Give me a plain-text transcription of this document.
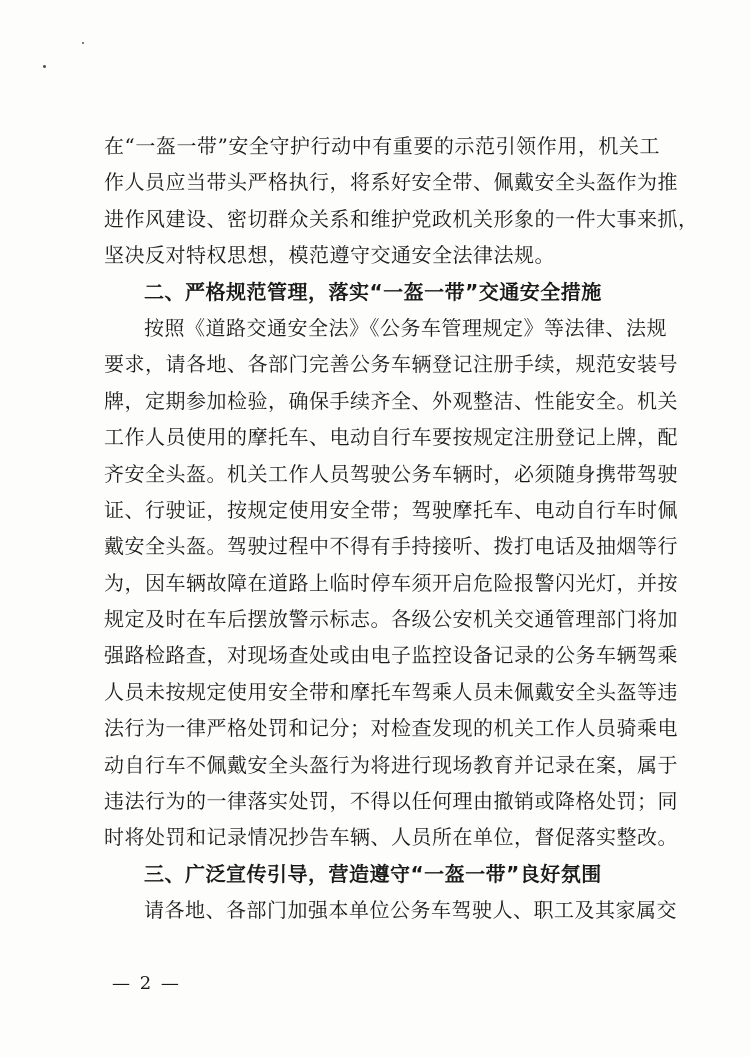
在“一盔一带”安全守护行动中有重要的示范引领作用，机关工
作人员应当带头严格执行，将系好安全带、佩戴安全头盔作为推
进作风建设、密切群众关系和维护党政机关形象的一件大事来抓，
坚决反对特权思想，模范遵守交通安全法律法规。
二、严格规范管理，落实“一盔一带”交通安全措施
按照《道路交通安全法》《公务车管理规定》等法律、法规
要求，请各地、各部门完善公务车辆登记注册手续，规范安装号
牌，定期参加检验，确保手续齐全、外观整洁、性能安全。机关
工作人员使用的摩托车、电动自行车要按规定注册登记上牌，配
齐安全头盔。机关工作人员驾驶公务车辆时，必须随身携带驾驶
证、行驶证，按规定使用安全带；驾驶摩托车、电动自行车时佩
戴安全头盔。驾驶过程中不得有手持接听、拨打电话及抽烟等行
为，因车辆故障在道路上临时停车须开启危险报警闪光灯，并按
规定及时在车后摆放警示标志。各级公安机关交通管理部门将加
强路检路查，对现场查处或由电子监控设备记录的公务车辆驾乘
人员未按规定使用安全带和摩托车驾乘人员未佩戴安全头盔等违
法行为一律严格处罚和记分；对检查发现的机关工作人员骑乘电
动自行车不佩戴安全头盔行为将进行现场教育并记录在案，属于
违法行为的一律落实处罚，不得以任何理由撤销或降格处罚；同
时将处罚和记录情况抄告车辆、人员所在单位，督促落实整改。
三、广泛宣传引导，营造遵守“一盔一带”良好氛围
请各地、各部门加强本单位公务车驾驶人、职工及其家属交
— 2 —
